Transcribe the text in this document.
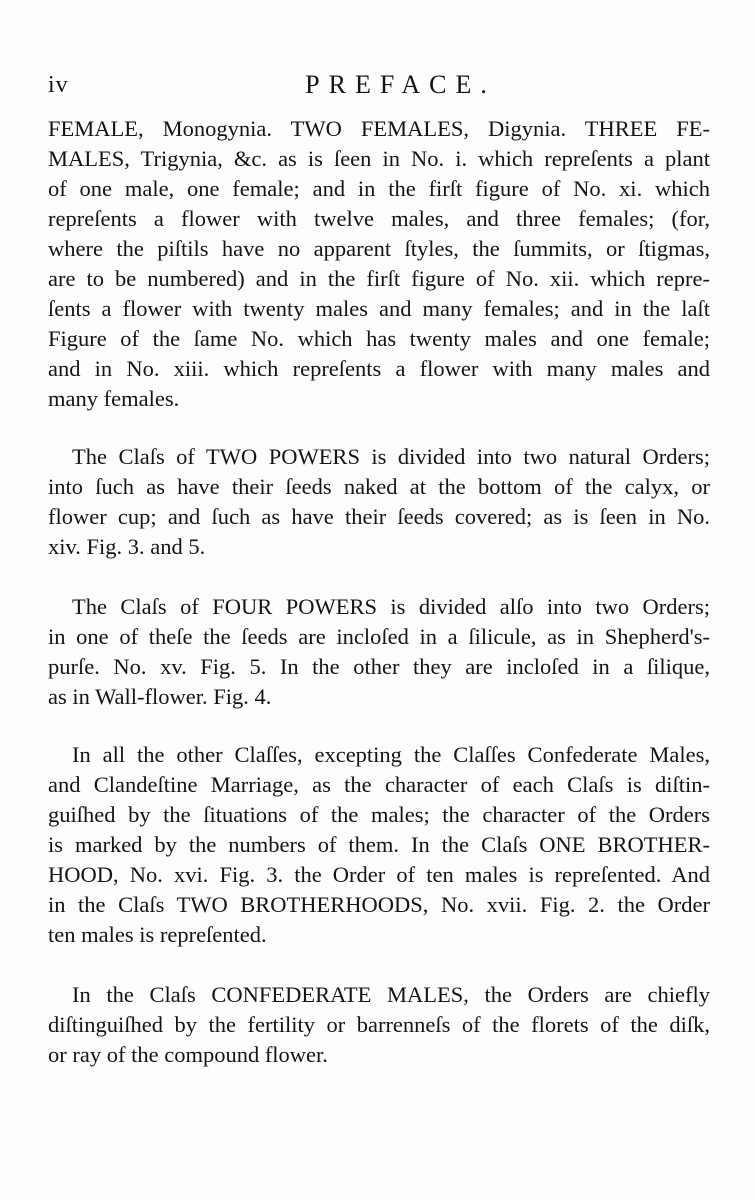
iv	PREFACE.
FEMALE, Monogynia. TWO FEMALES, Digynia. THREE FE-
MALES, Trigynia, &c. as is ſeen in No. i. which repreſents a plant
of one male, one female; and in the firſt figure of No. xi. which
repreſents a flower with twelve males, and three females; (for,
where the piſtils have no apparent ſtyles, the ſummits, or ſtigmas,
are to be numbered) and in the firſt figure of No. xii. which repre-
ſents a flower with twenty males and many females; and in the laſt
Figure of the ſame No. which has twenty males and one female;
and in No. xiii. which repreſents a flower with many males and
many females.
The Claſs of TWO POWERS is divided into two natural Orders;
into ſuch as have their ſeeds naked at the bottom of the calyx, or
flower cup; and ſuch as have their ſeeds covered; as is ſeen in No.
xiv. Fig. 3. and 5.
The Claſs of FOUR POWERS is divided alſo into two Orders;
in one of theſe the ſeeds are incloſed in a ſilicule, as in Shepherd's-
purſe. No. xv. Fig. 5. In the other they are incloſed in a ſilique,
as in Wall-flower. Fig. 4.
In all the other Claſſes, excepting the Claſſes Confederate Males,
and Clandeſtine Marriage, as the character of each Claſs is diſtin-
guiſhed by the ſituations of the males; the character of the Orders
is marked by the numbers of them. In the Claſs ONE BROTHER-
HOOD, No. xvi. Fig. 3. the Order of ten males is repreſented. And
in the Claſs TWO BROTHERHOODS, No. xvii. Fig. 2. the Order
ten males is repreſented.
In the Claſs CONFEDERATE MALES, the Orders are chiefly
diſtinguiſhed by the fertility or barrenneſs of the florets of the diſk,
or ray of the compound flower.
